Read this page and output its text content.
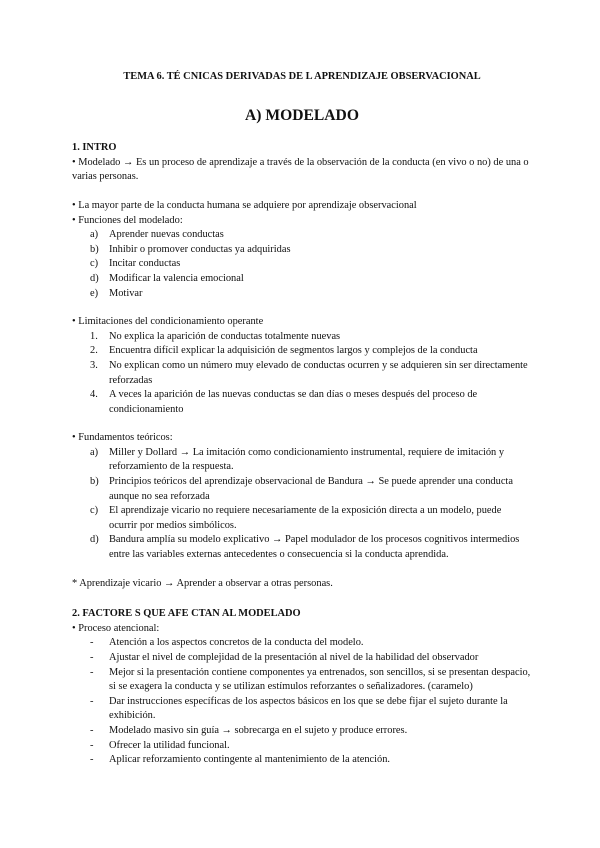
TEMA 6. TÉ CNICAS DERIVADAS DE L APRENDIZAJE OBSERVACIONAL
A) MODELADO
1. INTRO

• Modelado → Es un proceso de aprendizaje a través de la observación de la conducta (en vivo o no) de una o varias personas.

• La mayor parte de la conducta humana se adquiere por aprendizaje observacional

• Funciones del modelado:

a)	Aprender nuevas conductas
b) Inhibir o promover conductas ya adquiridas
c)	Incitar conductas
d) Modificar la valencia emocional
e)	Motivar

• Limitaciones del condicionamiento operante

1.	No explica la aparición de conductas totalmente nuevas
2.	Encuentra difícil explicar la adquisición de segmentos largos y complejos de la conducta
3.	No explican como un número muy elevado de conductas ocurren y se adquieren sin ser directamente reforzadas
4.	A veces la aparición de las nuevas conductas se dan días o meses después del proceso de condicionamiento

• Fundamentos teóricos:

a)	Miller y Dollard → La imitación como condicionamiento instrumental, requiere de imitación y reforzamiento de la respuesta.
b) Principios teóricos del aprendizaje observacional de Bandura → Se puede aprender una conducta aunque no sea reforzada
c)	El aprendizaje vicario no requiere necesariamente de la exposición directa a un modelo, puede ocurrir por medios simbólicos.
d) Bandura amplía su modelo explicativo → Papel modulador de los procesos cognitivos intermedios entre las variables externas antecedentes o consecuencia si la conducta aprendida.

* Aprendizaje vicario → Aprender a observar a otras personas.

2. FACTORE S QUE AFE CTAN AL MODELADO

• Proceso atencional:

-	Atención a los aspectos concretos de la conducta del modelo.
-	Ajustar el nivel de complejidad de la presentación al nivel de la habilidad del observador
-	Mejor si la presentación contiene componentes ya entrenados, son sencillos, si se presentan despacio, si se exagera la conducta y se utilizan estímulos reforzantes o señalizadores. (caramelo)
-	Dar instrucciones específicas de los aspectos básicos en los que se debe fijar el sujeto durante la exhibición.
-	Modelado masivo sin guía → sobrecarga en el sujeto y produce errores.
-	Ofrecer la utilidad funcional.
-	Aplicar reforzamiento contingente al mantenimiento de la atención.
